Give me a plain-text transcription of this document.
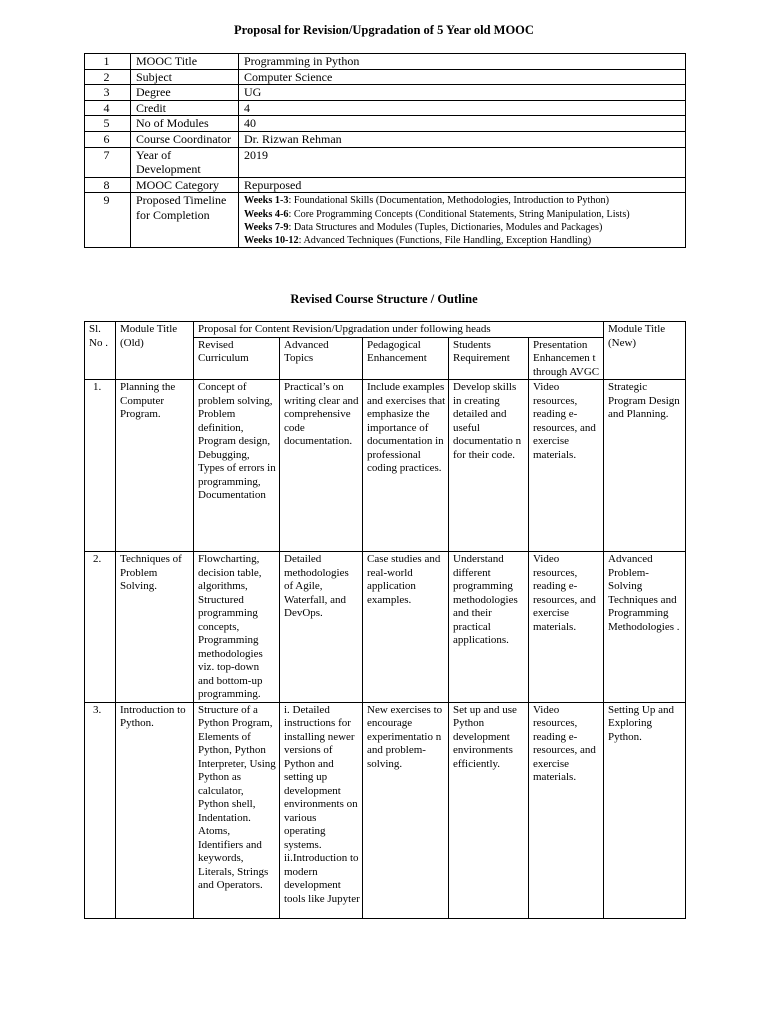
Proposal for Revision/Upgradation of 5 Year old MOOC
1	MOOC Title	Programming in Python
2	Subject	Computer Science
3	Degree	UG
4	Credit	4
5	No of Modules	40
6	Course Coordinator	Dr. Rizwan Rehman
7	Year of Development	2019
8	MOOC Category	Repurposed
9	Proposed Timeline for Completion	Weeks 1-3: Foundational Skills (Documentation, Methodologies, Introduction to Python)
Weeks 4-6: Core Programming Concepts (Conditional Statements, String Manipulation, Lists)
Weeks 7-9: Data Structures and Modules (Tuples, Dictionaries, Modules and Packages)
Weeks 10-12: Advanced Techniques (Functions, File Handling, Exception Handling)
Revised Course Structure / Outline
Sl. No .	Module Title (Old)	Proposal for Content Revision/Upgradation under following heads					Module Title (New)
		Revised Curriculum	Advanced Topics	Pedagogical Enhancement	Students Requirement	Presentation Enhancemen t through AVGC	
1.	Planning the Computer Program.	Concept of problem solving, Problem definition, Program design, Debugging, Types of errors in programming, Documentation	Practical’s on writing clear and comprehensive code documentation.	Include examples and exercises that emphasize the importance of documentation in professional coding practices.	Develop skills in creating detailed and useful documentatio n for their code.	Video resources, reading e-resources, and exercise materials.	Strategic Program Design and Planning.
2.	Techniques of Problem Solving.	Flowcharting, decision table, algorithms, Structured programming concepts, Programming methodologies viz. top-down and bottom-up programming.	Detailed methodologies of Agile, Waterfall, and DevOps.	Case studies and real-world application examples.	Understand different programming methodologies and their practical applications.	Video resources, reading e-resources, and exercise materials.	Advanced Problem-Solving Techniques and Programming Methodologies .
3.	Introduction to Python.	Structure of a Python Program, Elements of Python, Python Interpreter, Using Python as calculator, Python shell, Indentation. Atoms, Identifiers and keywords, Literals, Strings and Operators.	i. Detailed instructions for installing newer versions of Python and setting up development environments on various operating systems. ii.Introduction to modern development tools like Jupyter	New exercises to encourage experimentatio n and problem-solving.	Set up and use Python development environments efficiently.	Video resources, reading e-resources, and exercise materials.	Setting Up and Exploring Python.
